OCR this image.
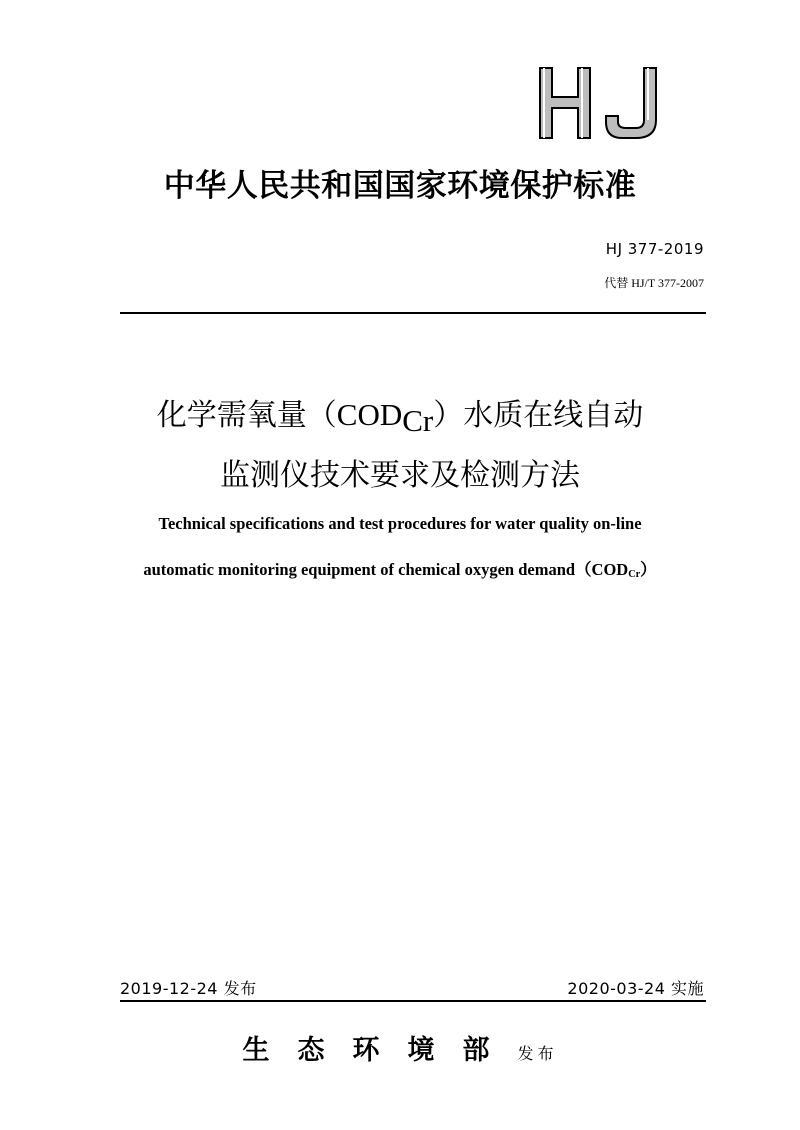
中华人民共和国国家环境保护标准
HJ 377-2019
代替 HJ/T 377-2007
化学需氧量$(COD_{Cr})$水质在线自动
监测仪技术要求及检测方法
Technical specifications and test procedures for water quality on-line
automatic monitoring equipment of chemical oxygen $demand(COD_{Cr})$
2019-12-24 发布	2020-03-24 实施
生态环境部发布
